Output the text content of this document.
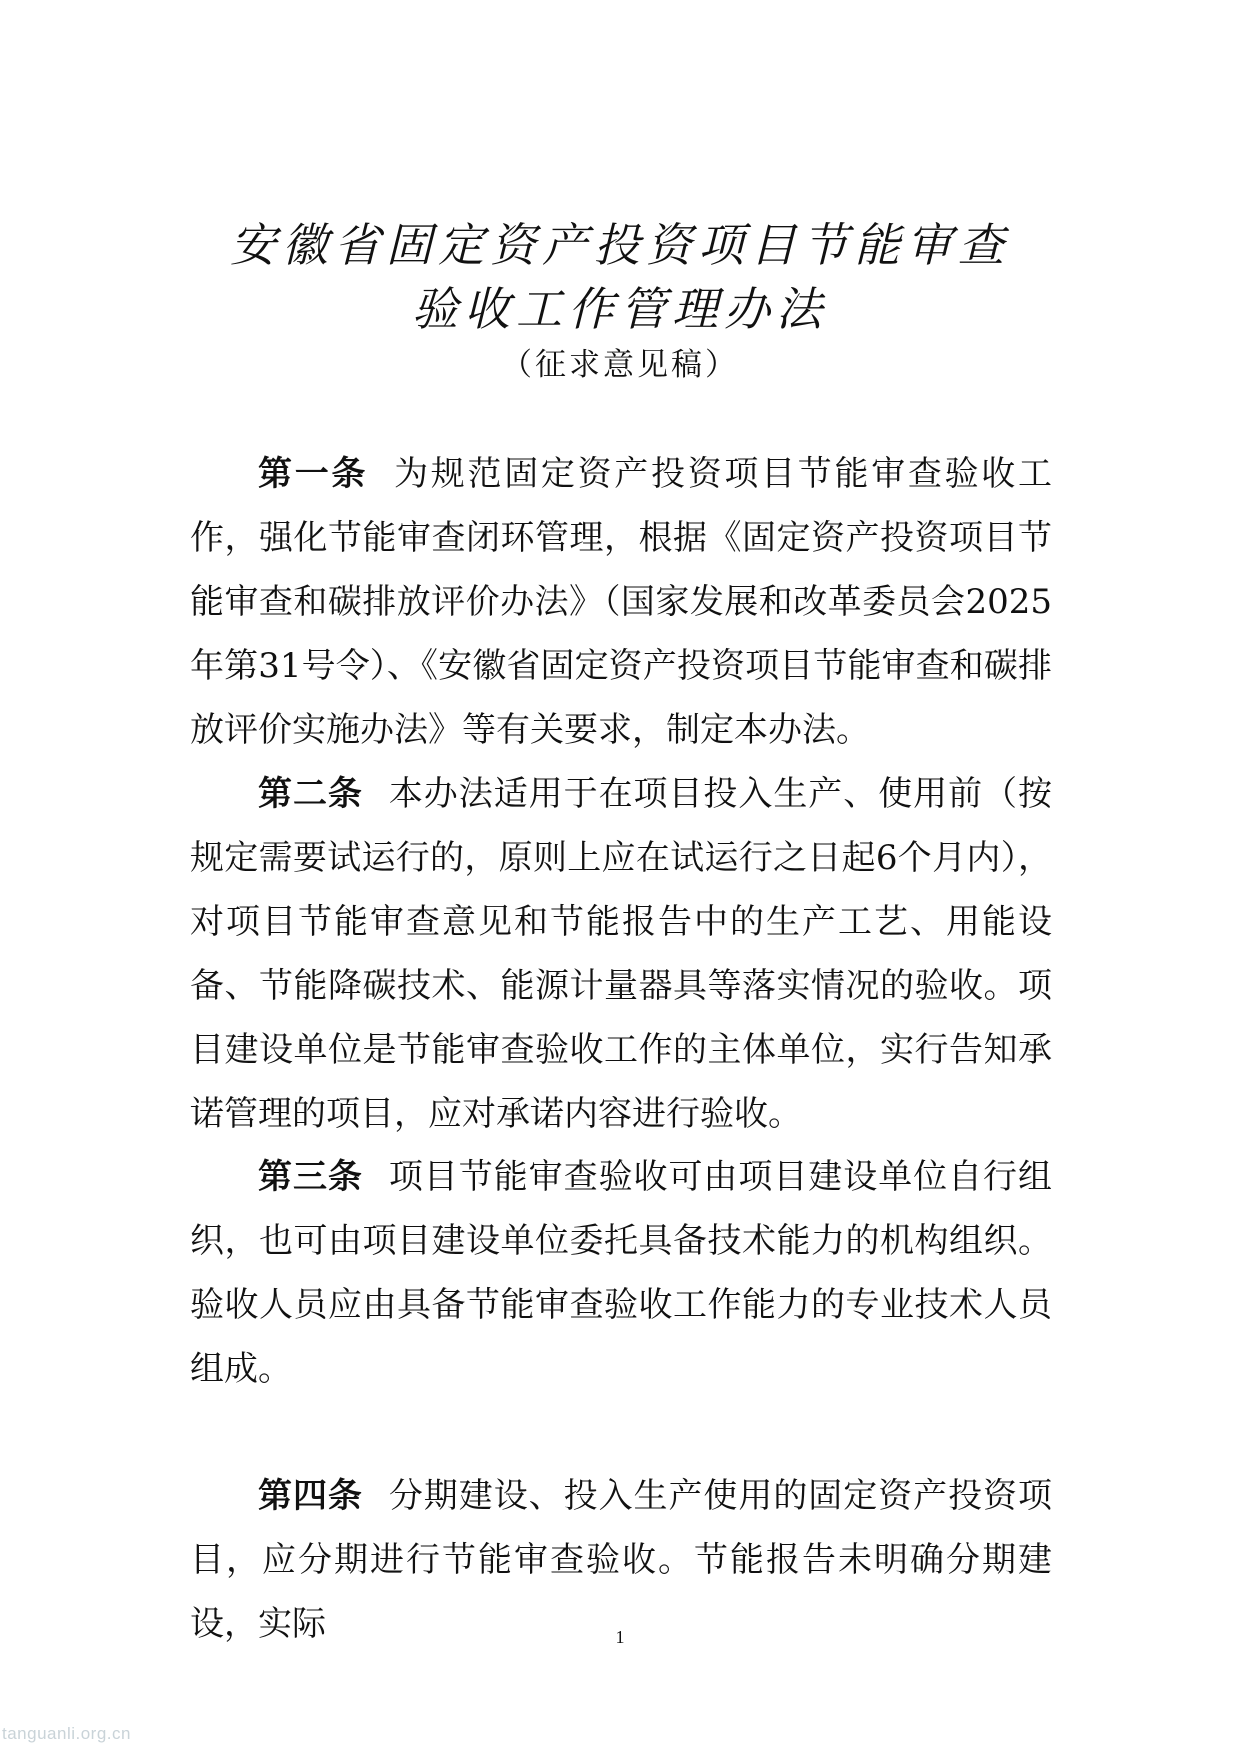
安徽省固定资产投资项目节能审查
验收工作管理办法
（征求意见稿）

第一条 为规范固定资产投资项目节能审查验收工作，强化节能审查闭环管理，根据《固定资产投资项目节能审查和碳排放评价办法》（国家发展和改革委员会2025年第31号令）、《安徽省固定资产投资项目节能审查和碳排放评价实施办法》等有关要求，制定本办法。

第二条 本办法适用于在项目投入生产、使用前（按规定需要试运行的，原则上应在试运行之日起6个月内），对项目节能审查意见和节能报告中的生产工艺、用能设备、节能降碳技术、能源计量器具等落实情况的验收。项目建设单位是节能审查验收工作的主体单位，实行告知承诺管理的项目，应对承诺内容进行验收。

第三条 项目节能审查验收可由项目建设单位自行组织，也可由项目建设单位委托具备技术能力的机构组织。验收人员应由具备节能审查验收工作能力的专业技术人员组成。

第四条 分期建设、投入生产使用的固定资产投资项目，应分期进行节能审查验收。节能报告未明确分期建设，实际	1
tanguanli.org.cn
